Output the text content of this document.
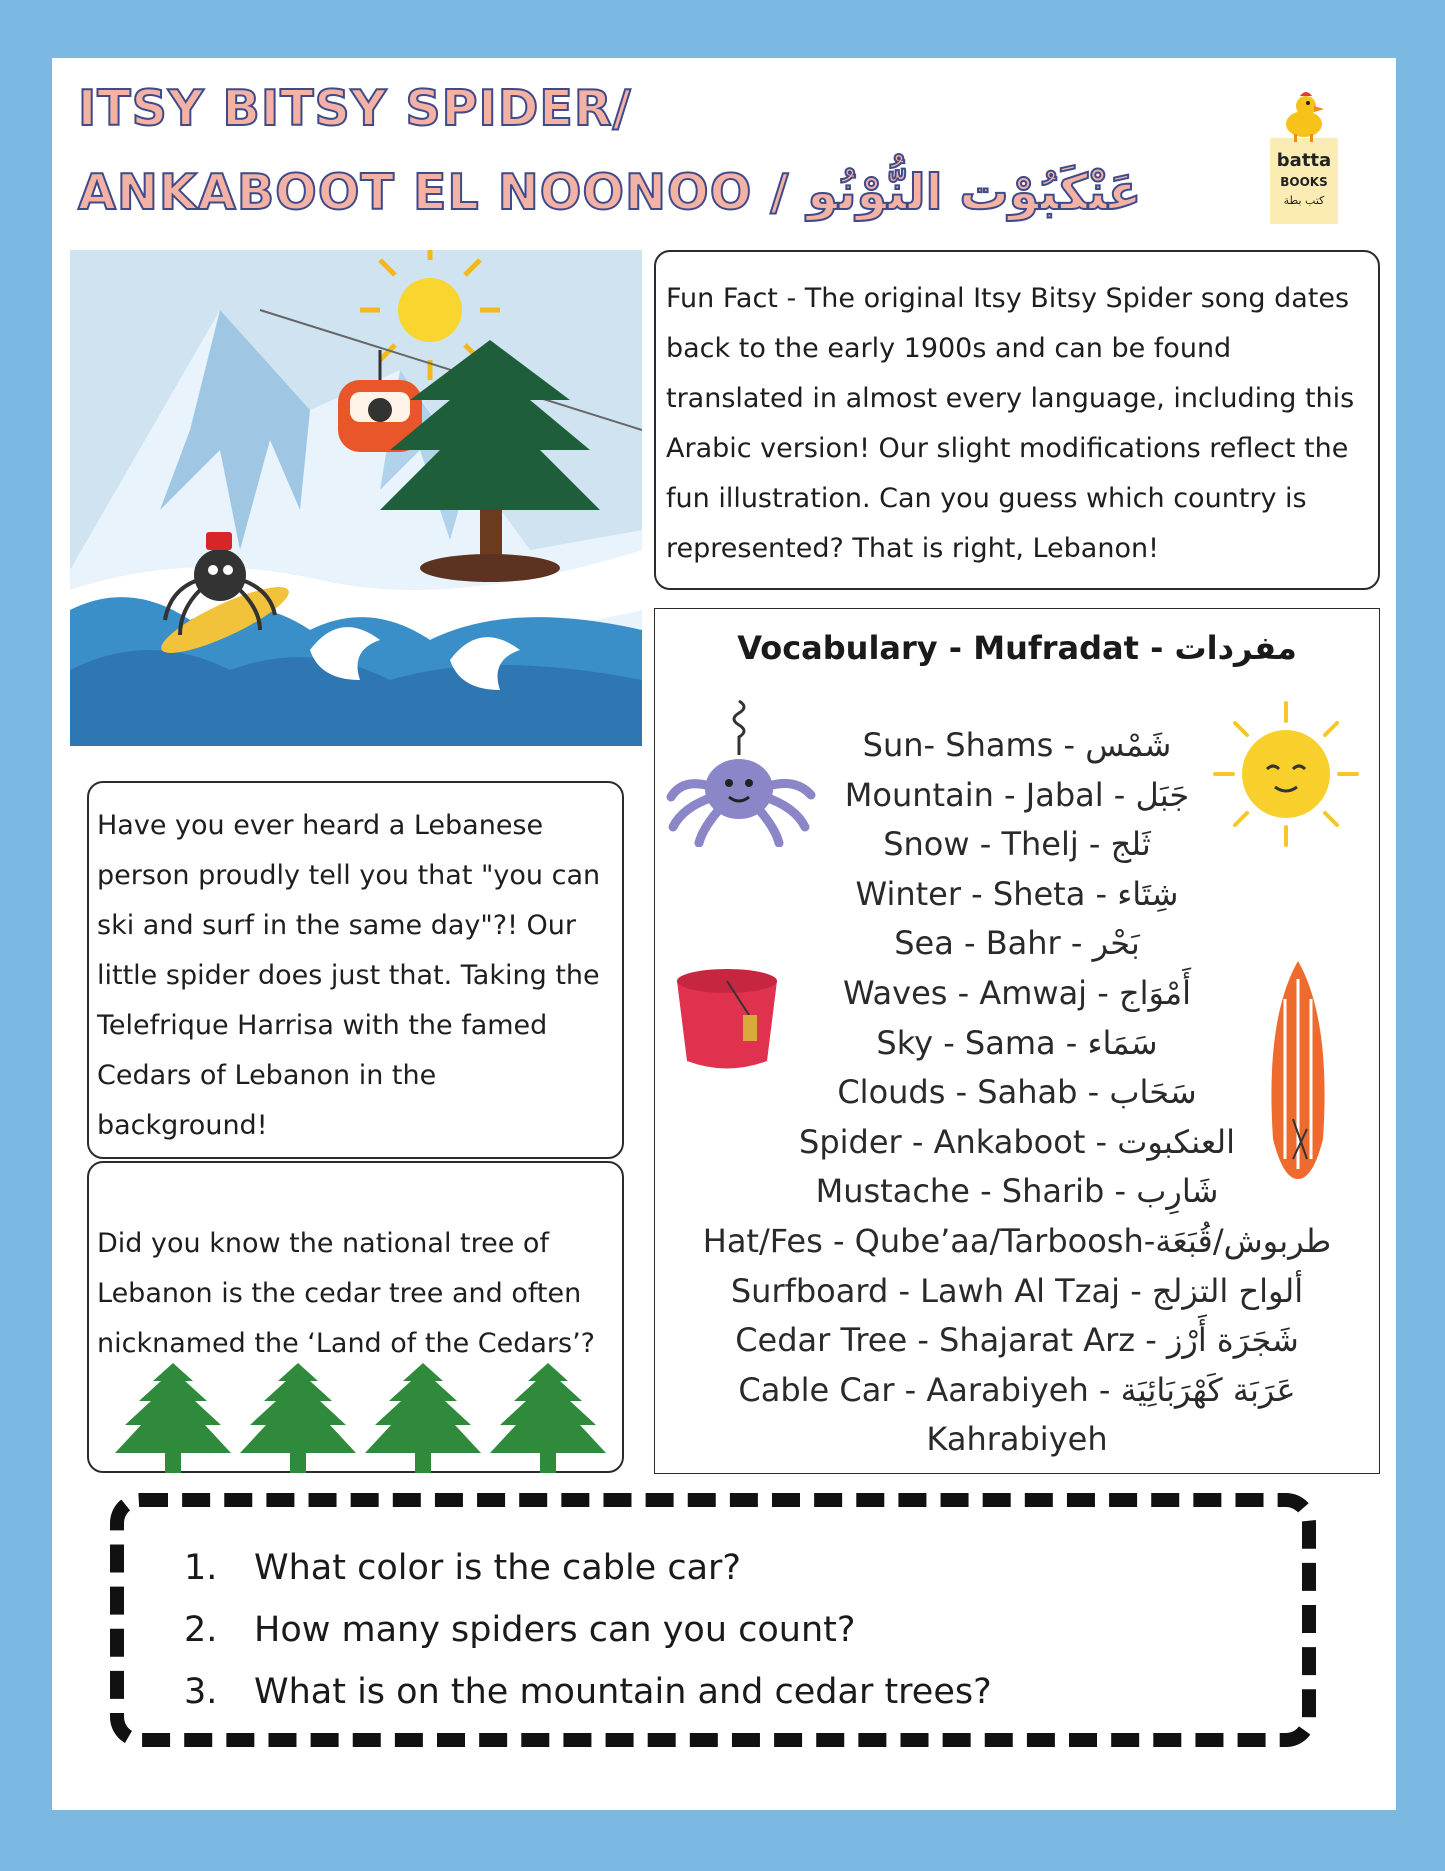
ITSY BITSY SPIDER/
ANKABOOT EL NOONOO / عَنْكَبُوْت النُّوْنُو
batta
BOOKS
كتب بطة
Fun Fact - The original Itsy Bitsy Spider song dates back to the early 1900s and can be found translated in almost every language, including this Arabic version! Our slight modifications reflect the fun illustration. Can you guess which country is represented? That is right, Lebanon!
Have you ever heard a Lebanese person proudly tell you that "you can ski and surf in the same day"?! Our little spider does just that. Taking the Telefrique Harrisa with the famed Cedars of Lebanon in the background!
Did you know the national tree of Lebanon is the cedar tree and often nicknamed the ‘Land of the Cedars’?
Vocabulary - Mufradat - مفردات
Sun- Shams - شَمْس
Mountain - Jabal - جَبَل
Snow - Thelj - ثَلج
Winter - Sheta - شِتَاء
Sea - Bahr - بَحْر
Waves - Amwaj - أَمْوَاج
Sky - Sama - سَمَاء
Clouds - Sahab - سَحَاب
Spider - Ankaboot - العنكبوت
Mustache - Sharib - شَارِب
Hat/Fes - Qube’aa/Tarboosh-طربوش/قُبَعَة
Surfboard - Lawh Al Tzaj - ألواح التزلج
Cedar Tree - Shajarat Arz - شَجَرَة أَرْز
Cable Car - Aarabiyeh - عَرَبَة كَهْرَبَائِيَة
Kahrabiyeh
1. What color is the cable car?
2. How many spiders can you count?
3. What is on the mountain and cedar trees?
